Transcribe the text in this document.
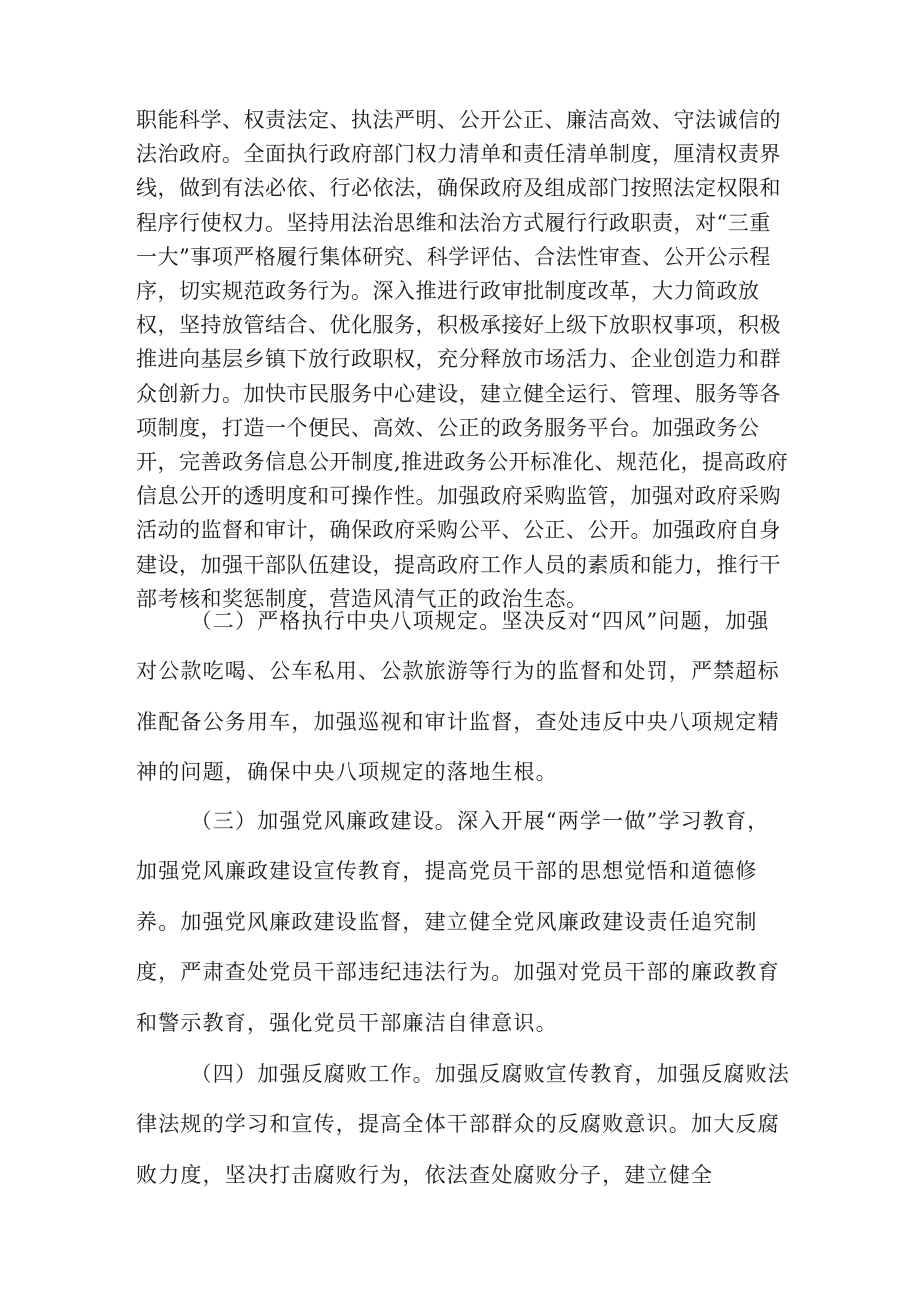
职能科学、权责法定、执法严明、公开公正、廉洁高效、守法诚信的法治政府。全面执行政府部门权力清单和责任清单制度，厘清权责界线，做到有法必依、行必依法，确保政府及组成部门按照法定权限和程序行使权力。坚持用法治思维和法治方式履行行政职责，对“三重一大”事项严格履行集体研究、科学评估、合法性审查、公开公示程序，切实规范政务行为。深入推进行政审批制度改革，大力简政放权，坚持放管结合、优化服务，积极承接好上级下放职权事项，积极推进向基层乡镇下放行政职权，充分释放市场活力、企业创造力和群众创新力。加快市民服务中心建设，建立健全运行、管理、服务等各项制度，打造一个便民、高效、公正的政务服务平台。加强政务公开，完善政务信息公开制度,推进政务公开标准化、规范化，提高政府信息公开的透明度和可操作性。加强政府采购监管，加强对政府采购活动的监督和审计，确保政府采购公平、公正、公开。加强政府自身建设，加强干部队伍建设，提高政府工作人员的素质和能力，推行干部考核和奖惩制度，营造风清气正的政治生态。

（二）严格执行中央八项规定。坚决反对“四风”问题，加强对公款吃喝、公车私用、公款旅游等行为的监督和处罚，严禁超标准配备公务用车，加强巡视和审计监督，查处违反中央八项规定精神的问题，确保中央八项规定的落地生根。

（三）加强党风廉政建设。深入开展“两学一做”学习教育，加强党风廉政建设宣传教育，提高党员干部的思想觉悟和道德修养。加强党风廉政建设监督，建立健全党风廉政建设责任追究制度，严肃查处党员干部违纪违法行为。加强对党员干部的廉政教育和警示教育，强化党员干部廉洁自律意识。

（四）加强反腐败工作。加强反腐败宣传教育，加强反腐败法律法规的学习和宣传，提高全体干部群众的反腐败意识。加大反腐败力度，坚决打击腐败行为，依法查处腐败分子，建立健全
